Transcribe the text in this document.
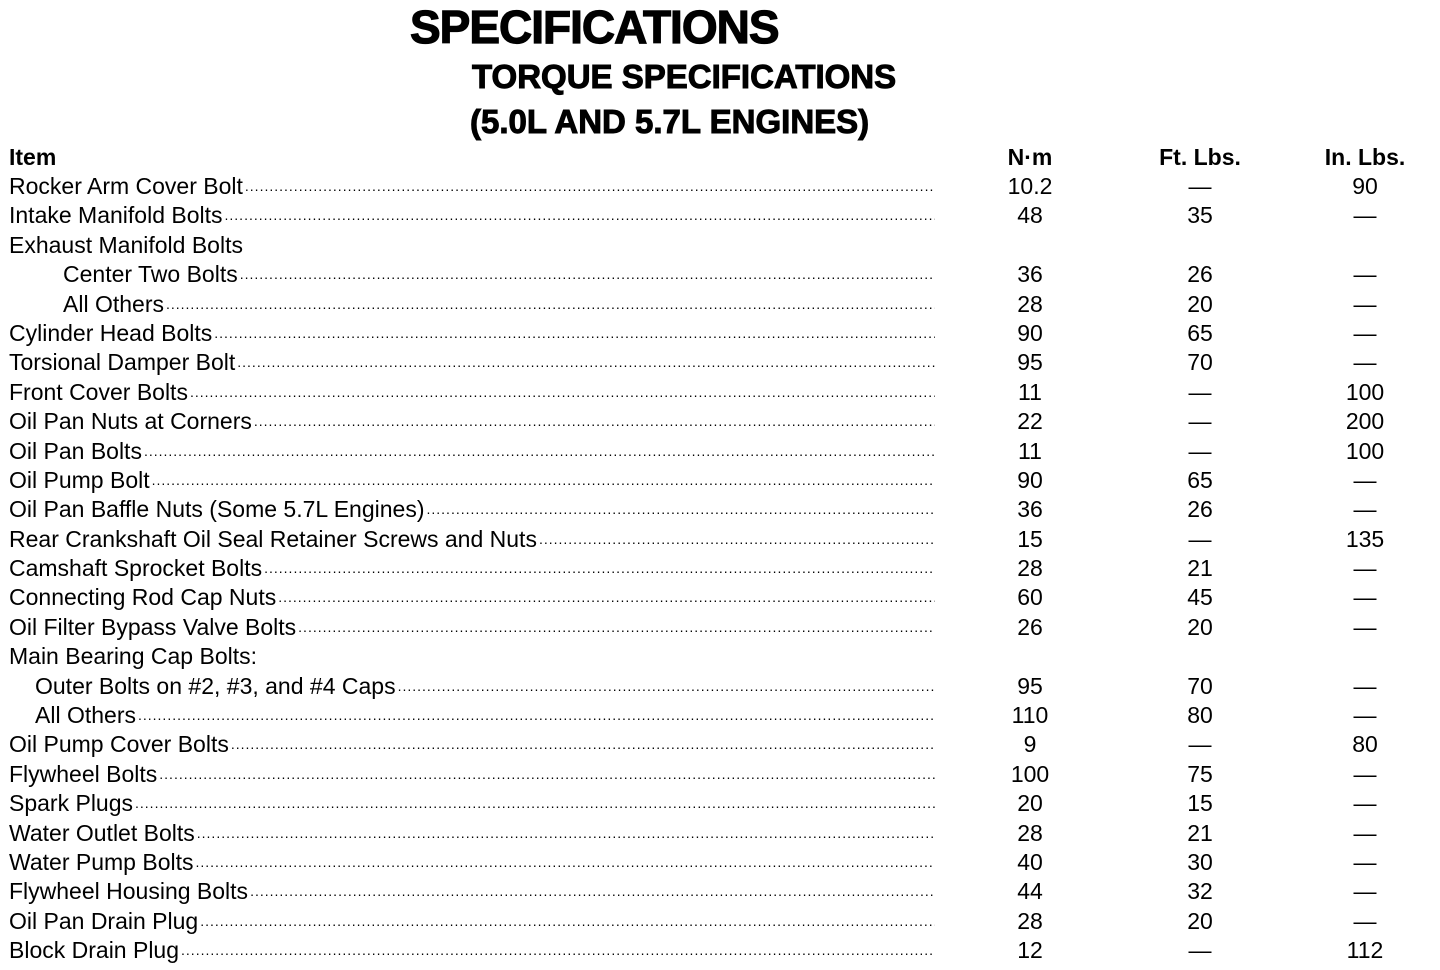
SPECIFICATIONS
TORQUE SPECIFICATIONS
(5.0L AND 5.7L ENGINES)
Item	N·m	Ft. Lbs.	In. Lbs.
Rocker Arm Cover Bolt .....	10.2	—	90
Intake Manifold Bolts .....	48	35	—
Exhaust Manifold Bolts
Center Two Bolts .....	36	26	—
All Others .....	28	20	—
Cylinder Head Bolts .....	90	65	—
Torsional Damper Bolt .....	95	70	—
Front Cover Bolts .....	11	—	100
Oil Pan Nuts at Corners .....	22	—	200
Oil Pan Bolts .....	11	—	100
Oil Pump Bolt .....	90	65	—
Oil Pan Baffle Nuts (Some 5.7L Engines) .....	36	26	—
Rear Crankshaft Oil Seal Retainer Screws and Nuts .....	15	—	135
Camshaft Sprocket Bolts .....	28	21	—
Connecting Rod Cap Nuts .....	60	45	—
Oil Filter Bypass Valve Bolts .....	26	20	—
Main Bearing Cap Bolts:
Outer Bolts on #2, #3, and #4 Caps .....	95	70	—
All Others .....	110	80	—
Oil Pump Cover Bolts .....	9	—	80
Flywheel Bolts .....	100	75	—
Spark Plugs .....	20	15	—
Water Outlet Bolts .....	28	21	—
Water Pump Bolts .....	40	30	—
Flywheel Housing Bolts .....	44	32	—
Oil Pan Drain Plug .....	28	20	—
Block Drain Plug .....	12	—	112
